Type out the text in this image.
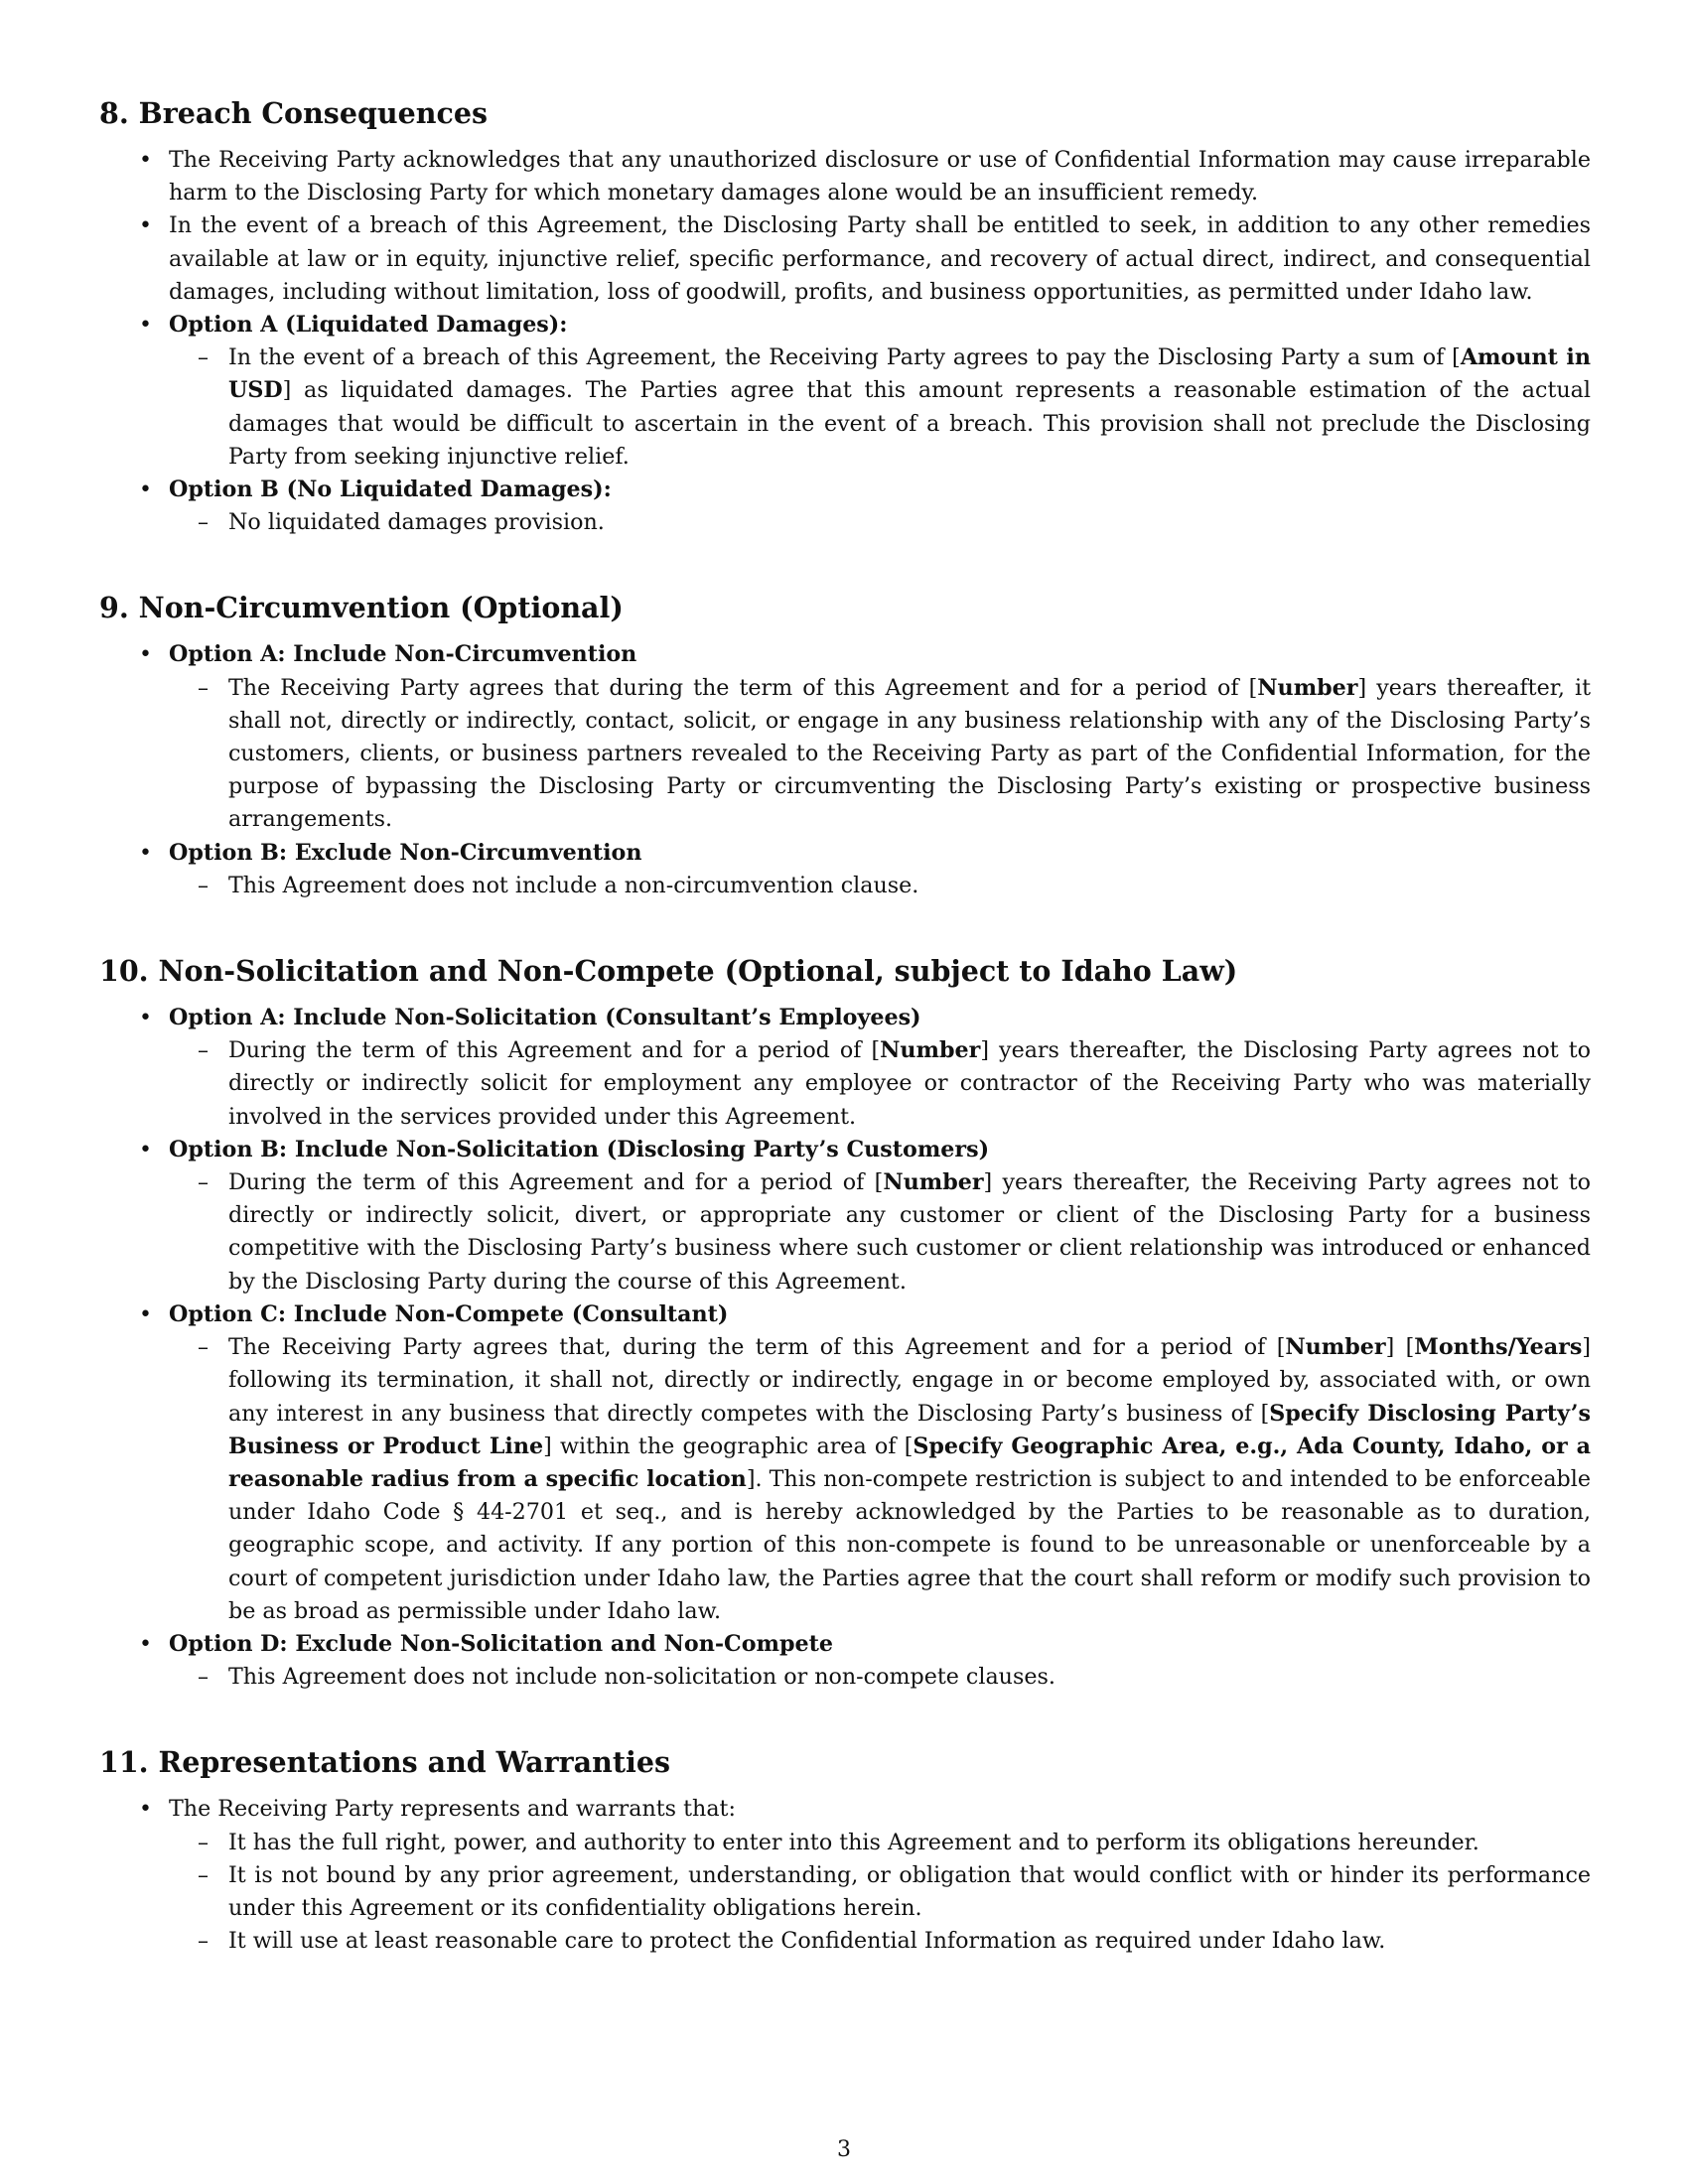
8. Breach Consequences
• The Receiving Party acknowledges that any unauthorized disclosure or use of Confidential Information may cause irreparable harm to the Disclosing Party for which monetary damages alone would be an insufficient remedy.
• In the event of a breach of this Agreement, the Disclosing Party shall be entitled to seek, in addition to any other remedies available at law or in equity, injunctive relief, specific performance, and recovery of actual direct, indirect, and consequential damages, including without limitation, loss of goodwill, profits, and business opportunities, as permitted under Idaho law.
• Option A (Liquidated Damages):
– In the event of a breach of this Agreement, the Receiving Party agrees to pay the Disclosing Party a sum of [Amount in USD] as liquidated damages. The Parties agree that this amount represents a reasonable estimation of the actual damages that would be difficult to ascertain in the event of a breach. This provision shall not preclude the Disclosing Party from seeking injunctive relief.
• Option B (No Liquidated Damages):
– No liquidated damages provision.
9. Non-Circumvention (Optional)
• Option A: Include Non-Circumvention
– The Receiving Party agrees that during the term of this Agreement and for a period of [Number] years thereafter, it shall not, directly or indirectly, contact, solicit, or engage in any business relationship with any of the Disclosing Party’s customers, clients, or business partners revealed to the Receiving Party as part of the Confidential Information, for the purpose of bypassing the Disclosing Party or circumventing the Disclosing Party’s existing or prospective business arrangements.
• Option B: Exclude Non-Circumvention
– This Agreement does not include a non-circumvention clause.
10. Non-Solicitation and Non-Compete (Optional, subject to Idaho Law)
• Option A: Include Non-Solicitation (Consultant’s Employees)
– During the term of this Agreement and for a period of [Number] years thereafter, the Disclosing Party agrees not to directly or indirectly solicit for employment any employee or contractor of the Receiving Party who was materially involved in the services provided under this Agreement.
• Option B: Include Non-Solicitation (Disclosing Party’s Customers)
– During the term of this Agreement and for a period of [Number] years thereafter, the Receiving Party agrees not to directly or indirectly solicit, divert, or appropriate any customer or client of the Disclosing Party for a business competitive with the Disclosing Party’s business where such customer or client relationship was introduced or enhanced by the Disclosing Party during the course of this Agreement.
• Option C: Include Non-Compete (Consultant)
– The Receiving Party agrees that, during the term of this Agreement and for a period of [Number] [Months/Years] following its termination, it shall not, directly or indirectly, engage in or become employed by, associated with, or own any interest in any business that directly competes with the Disclosing Party’s business of [Specify Disclosing Party’s Business or Product Line] within the geographic area of [Specify Geographic Area, e.g., Ada County, Idaho, or a reasonable radius from a specific location]. This non-compete restriction is subject to and intended to be enforceable under Idaho Code § 44-2701 et seq., and is hereby acknowledged by the Parties to be reasonable as to duration, geographic scope, and activity. If any portion of this non-compete is found to be unreasonable or unenforceable by a court of competent jurisdiction under Idaho law, the Parties agree that the court shall reform or modify such provision to be as broad as permissible under Idaho law.
• Option D: Exclude Non-Solicitation and Non-Compete
– This Agreement does not include non-solicitation or non-compete clauses.
11. Representations and Warranties
• The Receiving Party represents and warrants that:
– It has the full right, power, and authority to enter into this Agreement and to perform its obligations hereunder.
– It is not bound by any prior agreement, understanding, or obligation that would conflict with or hinder its performance under this Agreement or its confidentiality obligations herein.
– It will use at least reasonable care to protect the Confidential Information as required under Idaho law.
3
